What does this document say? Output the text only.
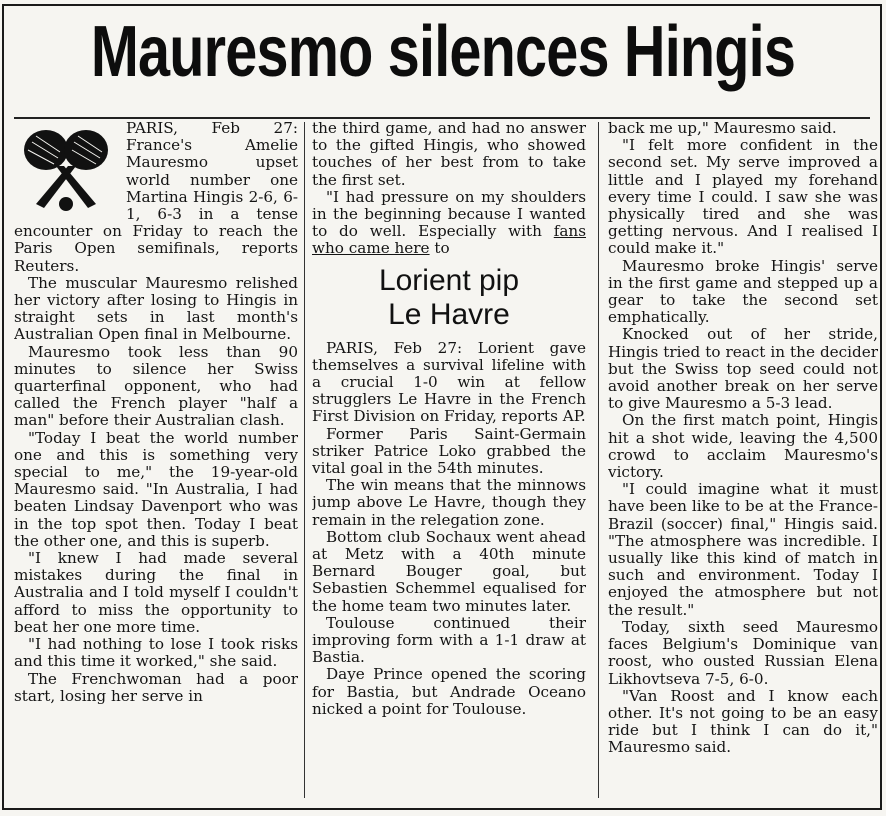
Mauresmo silences Hingis

PARIS, Feb 27: France's Amelie Mauresmo upset world number one Martina Hingis 2-6, 6-1, 6-3 in a tense encounter on Friday to reach the Paris Open semifinals, reports Reuters.

The muscular Mauresmo relished her victory after losing to Hingis in straight sets in last month's Australian Open final in Melbourne.

Mauresmo took less than 90 minutes to silence her Swiss quarterfinal opponent, who had called the French player "half a man" before their Australian clash.

"Today I beat the world number one and this is something very special to me," the 19-year-old Mauresmo said. "In Australia, I had beaten Lindsay Davenport who was in the top spot then. Today I beat the other one, and this is superb.

"I knew I had made several mistakes during the final in Australia and I told myself I couldn't afford to miss the opportunity to beat her one more time.

"I had nothing to lose I took risks and this time it worked," she said.

The Frenchwoman had a poor start, losing her serve in

the third game, and had no answer to the gifted Hingis, who showed touches of her best from to take the first set.

"I had pressure on my shoulders in the beginning because I wanted to do well. Especially with fans who came here to

Lorient pip
Le Havre

PARIS, Feb 27: Lorient gave themselves a survival lifeline with a crucial 1-0 win at fellow strugglers Le Havre in the French First Division on Friday, reports AP.

Former Paris Saint-Germain striker Patrice Loko grabbed the vital goal in the 54th minutes.

The win means that the minnows jump above Le Havre, though they remain in the relegation zone.

Bottom club Sochaux went ahead at Metz with a 40th minute Bernard Bouger goal, but Sebastien Schemmel equalised for the home team two minutes later.

Toulouse continued their improving form with a 1-1 draw at Bastia.

Daye Prince opened the scoring for Bastia, but Andrade Oceano nicked a point for Toulouse.

back me up," Mauresmo said.

"I felt more confident in the second set. My serve improved a little and I played my forehand every time I could. I saw she was physically tired and she was getting nervous. And I realised I could make it."

Mauresmo broke Hingis' serve in the first game and stepped up a gear to take the second set emphatically.

Knocked out of her stride, Hingis tried to react in the decider but the Swiss top seed could not avoid another break on her serve to give Mauresmo a 5-3 lead.

On the first match point, Hingis hit a shot wide, leaving the 4,500 crowd to acclaim Mauresmo's victory.

"I could imagine what it must have been like to be at the France-Brazil (soccer) final," Hingis said. "The atmosphere was incredible. I usually like this kind of match in such and environment. Today I enjoyed the atmosphere but not the result."

Today, sixth seed Mauresmo faces Belgium's Dominique van roost, who ousted Russian Elena Likhovtseva 7-5, 6-0.

"Van Roost and I know each other. It's not going to be an easy ride but I think I can do it," Mauresmo said.
